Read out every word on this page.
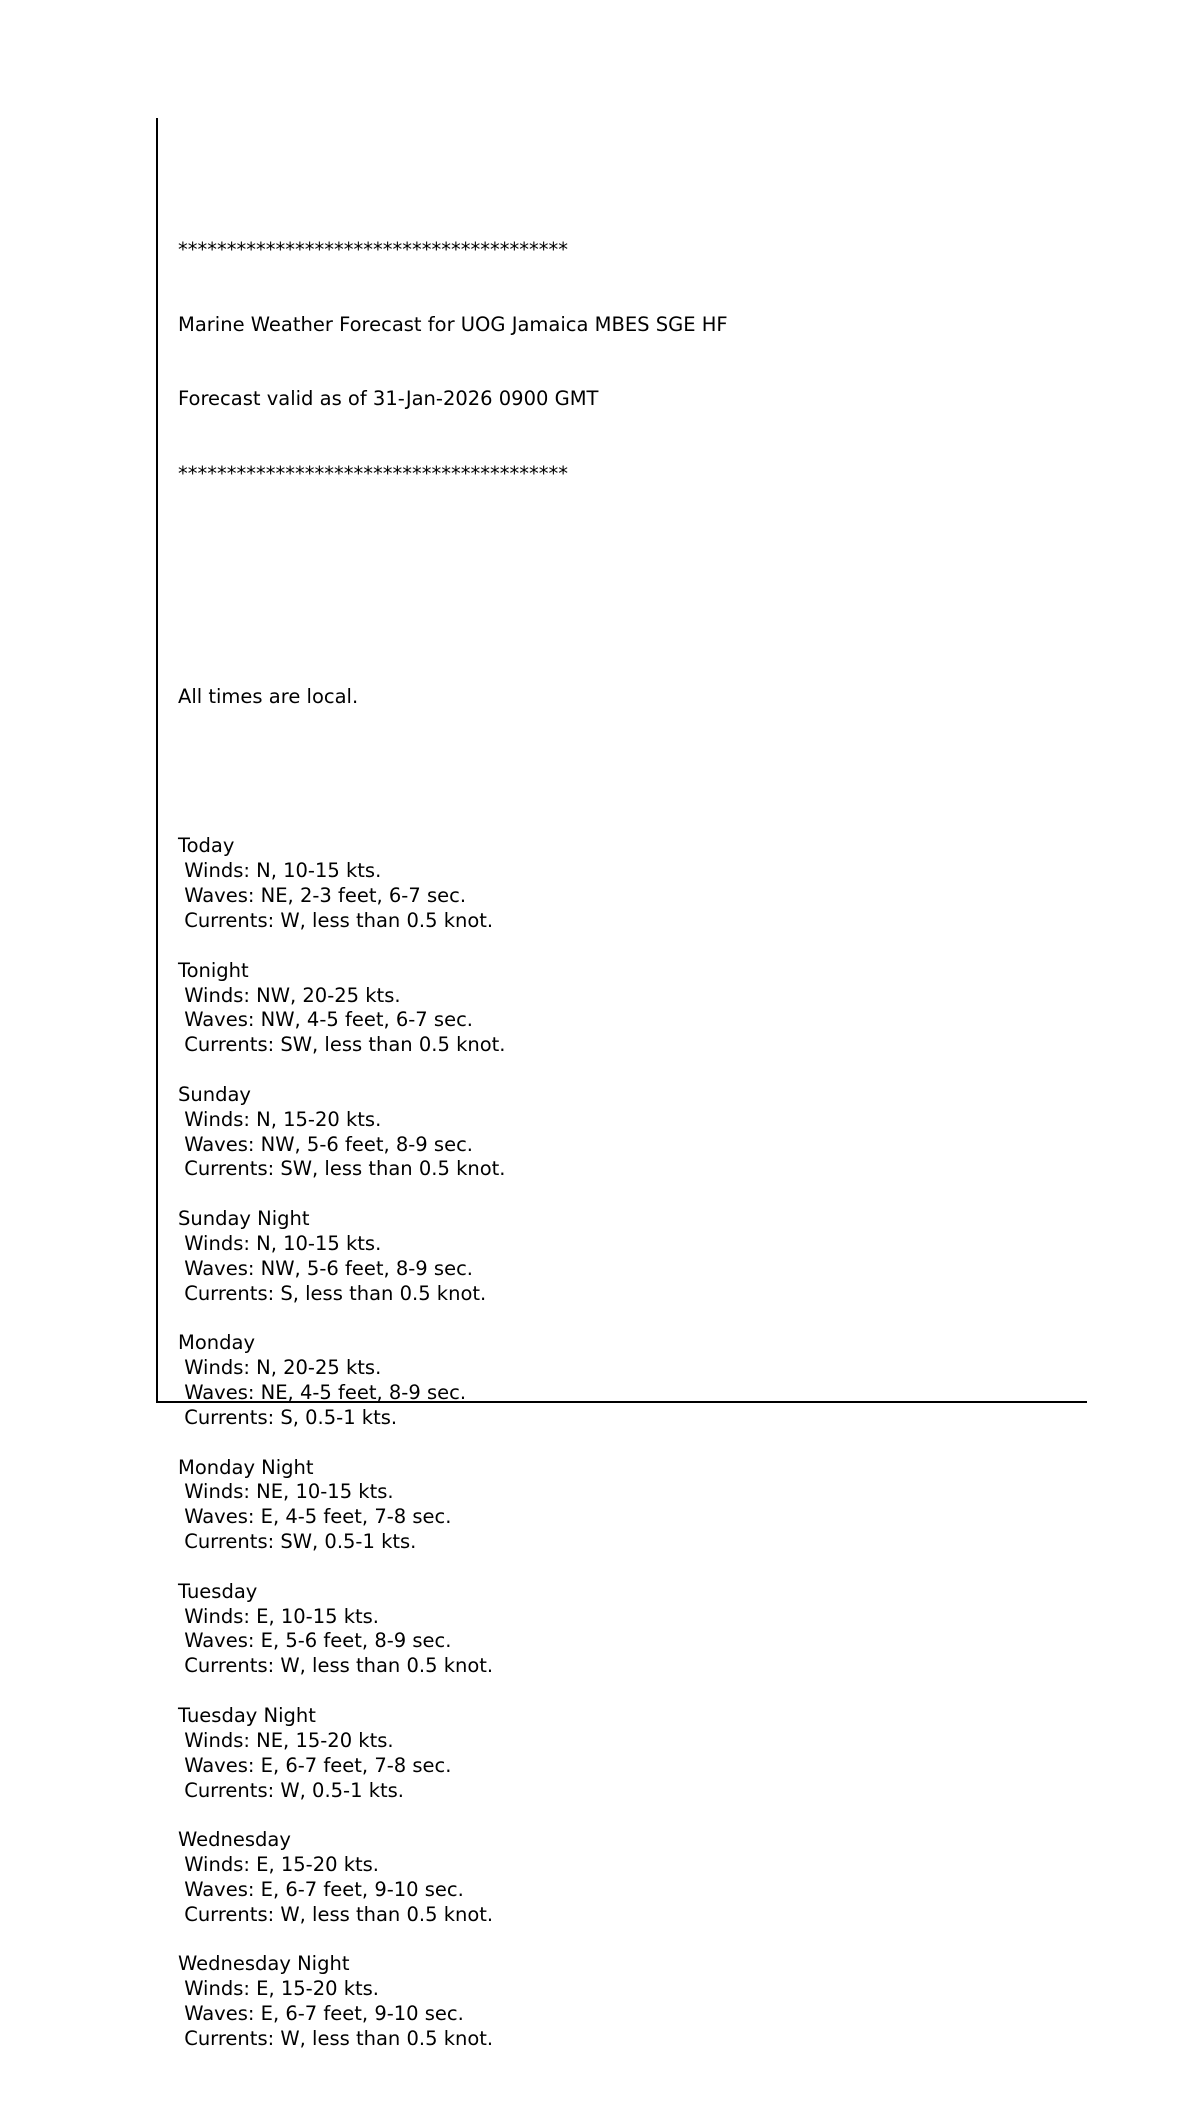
****************************************

Marine Weather Forecast for UOG Jamaica MBES SGE HF

Forecast valid as of 31-Jan-2026 0900 GMT

****************************************

All times are local.

Today
Winds: N, 10-15 kts.
Waves: NE, 2-3 feet, 6-7 sec.
Currents: W, less than 0.5 knot.
Tonight
Winds: NW, 20-25 kts.
Waves: NW, 4-5 feet, 6-7 sec.
Currents: SW, less than 0.5 knot.
Sunday
Winds: N, 15-20 kts.
Waves: NW, 5-6 feet, 8-9 sec.
Currents: SW, less than 0.5 knot.
Sunday Night
Winds: N, 10-15 kts.
Waves: NW, 5-6 feet, 8-9 sec.
Currents: S, less than 0.5 knot.
Monday
Winds: N, 20-25 kts.
Waves: NE, 4-5 feet, 8-9 sec.
Currents: S, 0.5-1 kts.
Monday Night
Winds: NE, 10-15 kts.
Waves: E, 4-5 feet, 7-8 sec.
Currents: SW, 0.5-1 kts.
Tuesday
Winds: E, 10-15 kts.
Waves: E, 5-6 feet, 8-9 sec.
Currents: W, less than 0.5 knot.
Tuesday Night
Winds: NE, 15-20 kts.
Waves: E, 6-7 feet, 7-8 sec.
Currents: W, 0.5-1 kts.
Wednesday
Winds: E, 15-20 kts.
Waves: E, 6-7 feet, 9-10 sec.
Currents: W, less than 0.5 knot.
Wednesday Night
Winds: E, 15-20 kts.
Waves: E, 6-7 feet, 9-10 sec.
Currents: W, less than 0.5 knot.
